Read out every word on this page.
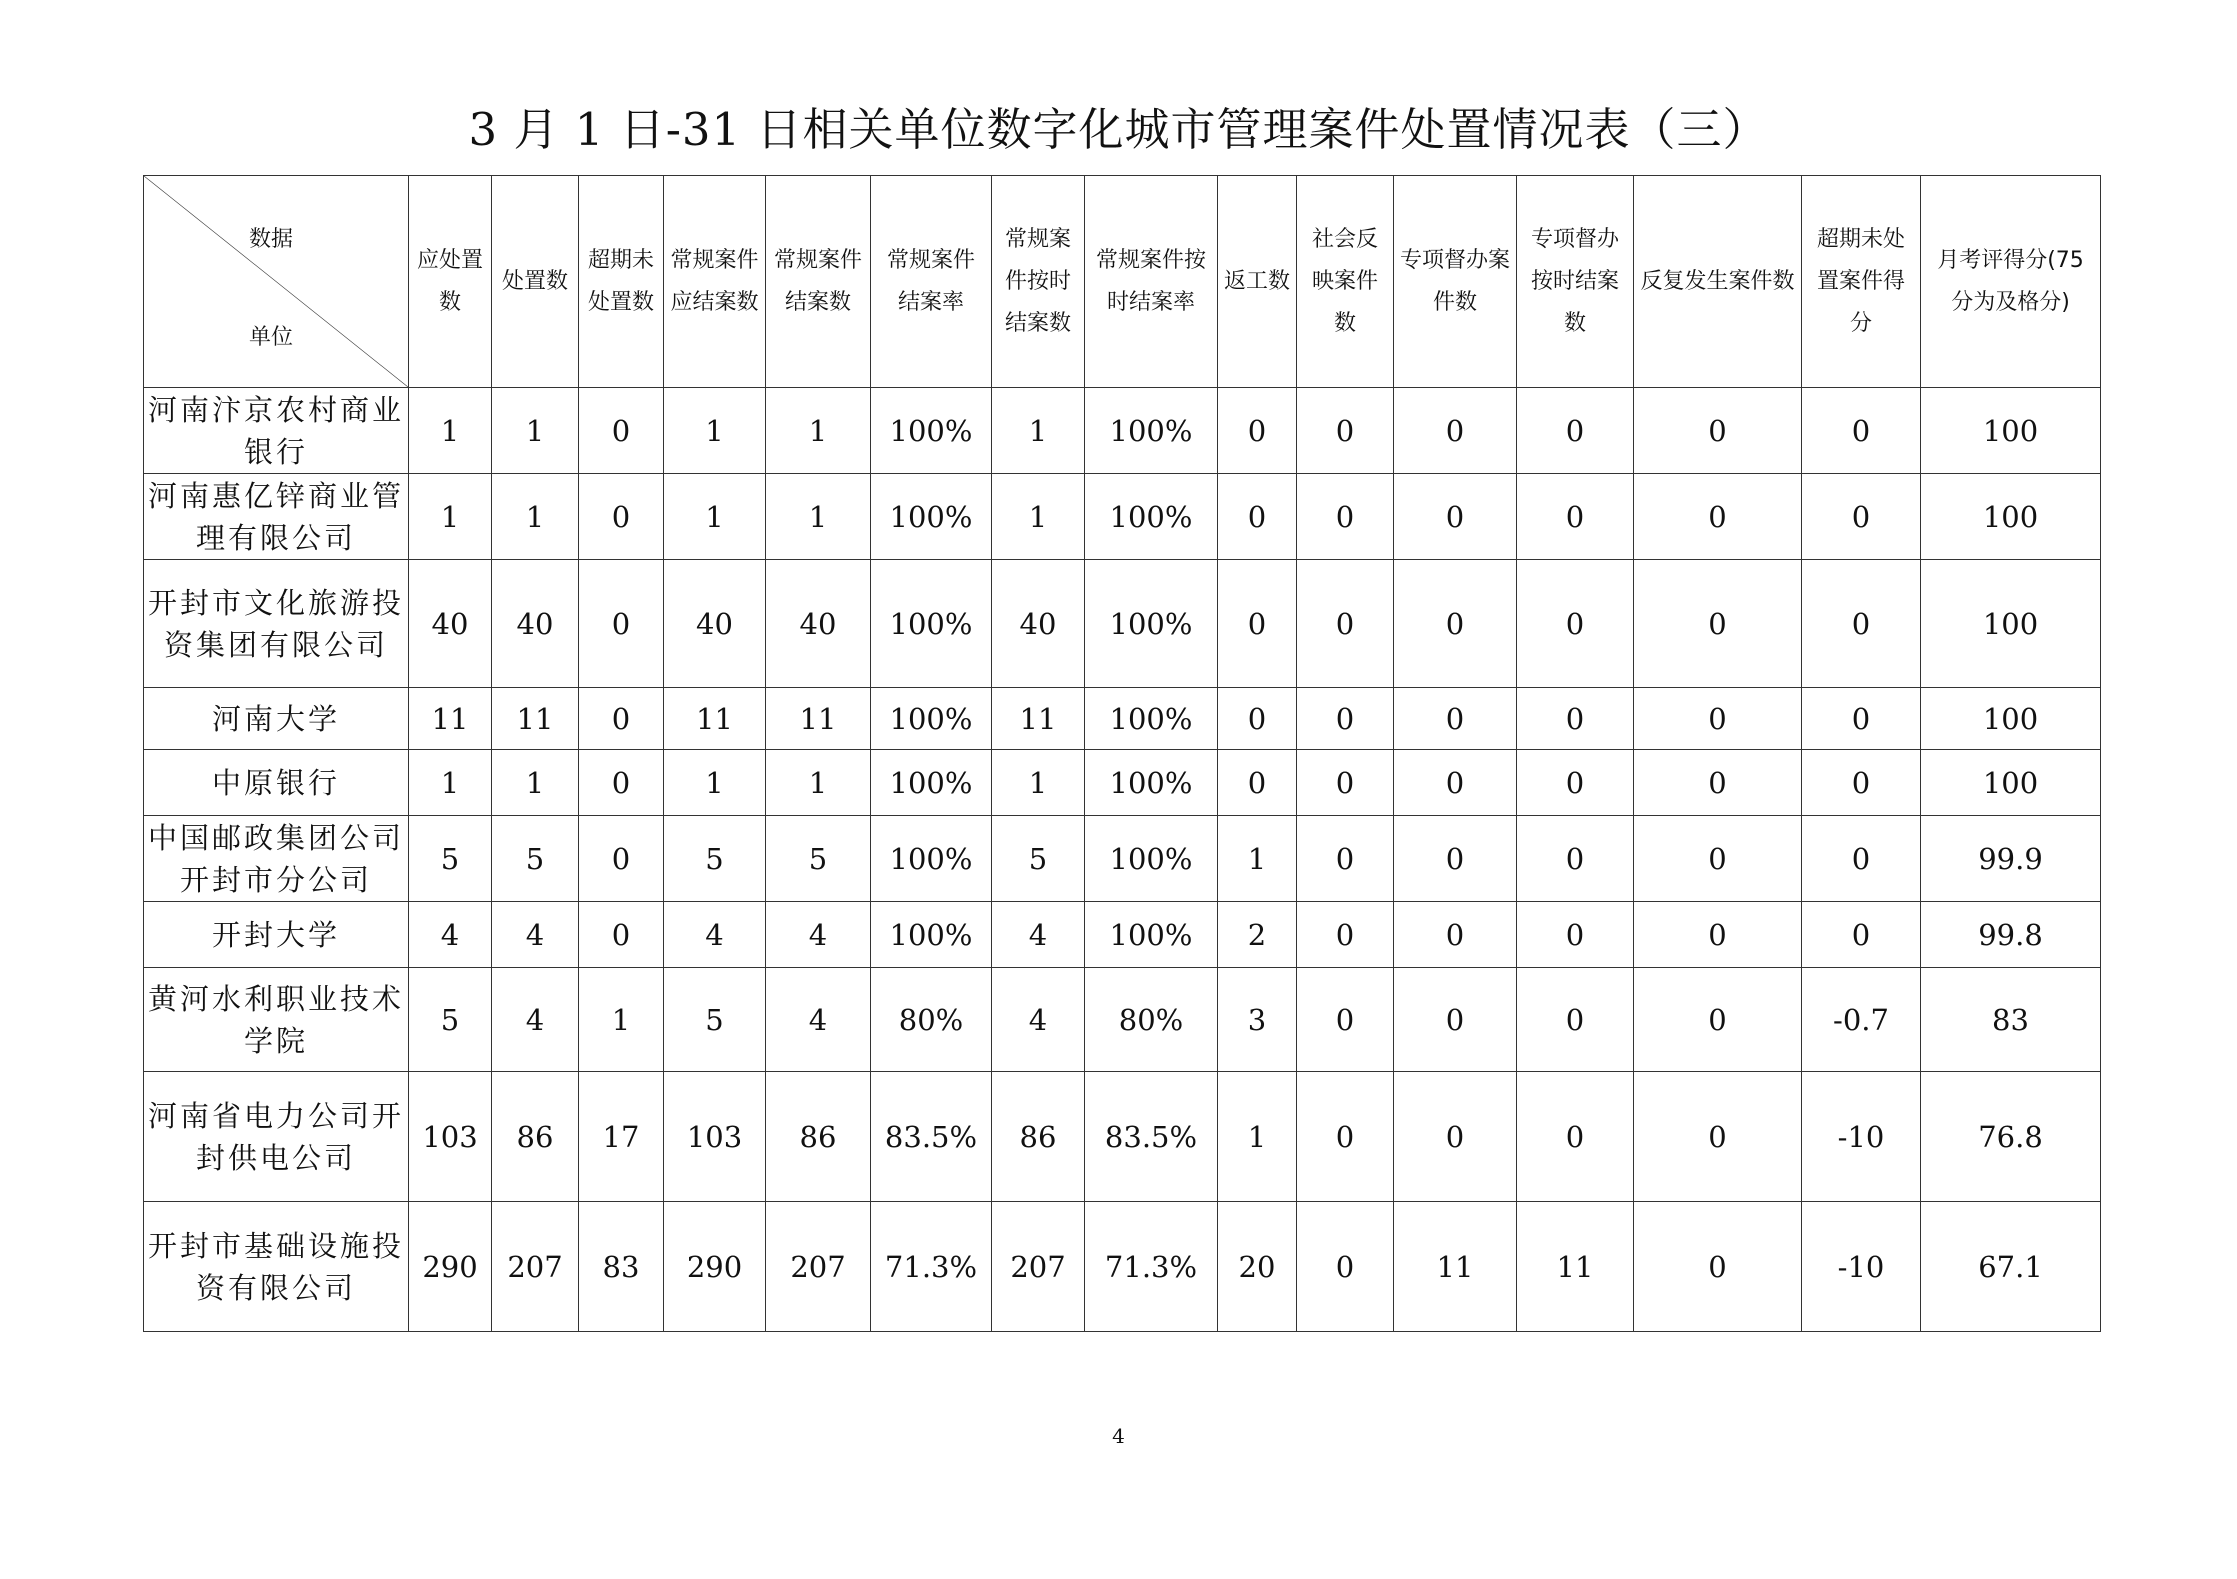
3 月 1 日-31 日相关单位数字化城市管理案件处置情况表（三）
数据
单位	应处置数	处置数	超期未处置数	常规案件应结案数	常规案件结案数	常规案件结案率	常规案件按时结案数	常规案件按时结案率	返工数	社会反映案件数	专项督办案件数	专项督办按时结案数	反复发生案件数	超期未处置案件得分	月考评得分(75分为及格分)
河南汴京农村商业银行	1	1	0	1	1	100%	1	100%	0	0	0	0	0	0	100
河南惠亿锌商业管理有限公司	1	1	0	1	1	100%	1	100%	0	0	0	0	0	0	100
开封市文化旅游投资集团有限公司	40	40	0	40	40	100%	40	100%	0	0	0	0	0	0	100
河南大学	11	11	0	11	11	100%	11	100%	0	0	0	0	0	0	100
中原银行	1	1	0	1	1	100%	1	100%	0	0	0	0	0	0	100
中国邮政集团公司开封市分公司	5	5	0	5	5	100%	5	100%	1	0	0	0	0	0	99.9
开封大学	4	4	0	4	4	100%	4	100%	2	0	0	0	0	0	99.8
黄河水利职业技术学院	5	4	1	5	4	80%	4	80%	3	0	0	0	0	-0.7	83
河南省电力公司开封供电公司	103	86	17	103	86	83.5%	86	83.5%	1	0	0	0	0	-10	76.8
开封市基础设施投资有限公司	290	207	83	290	207	71.3%	207	71.3%	20	0	11	11	0	-10	67.1
4
